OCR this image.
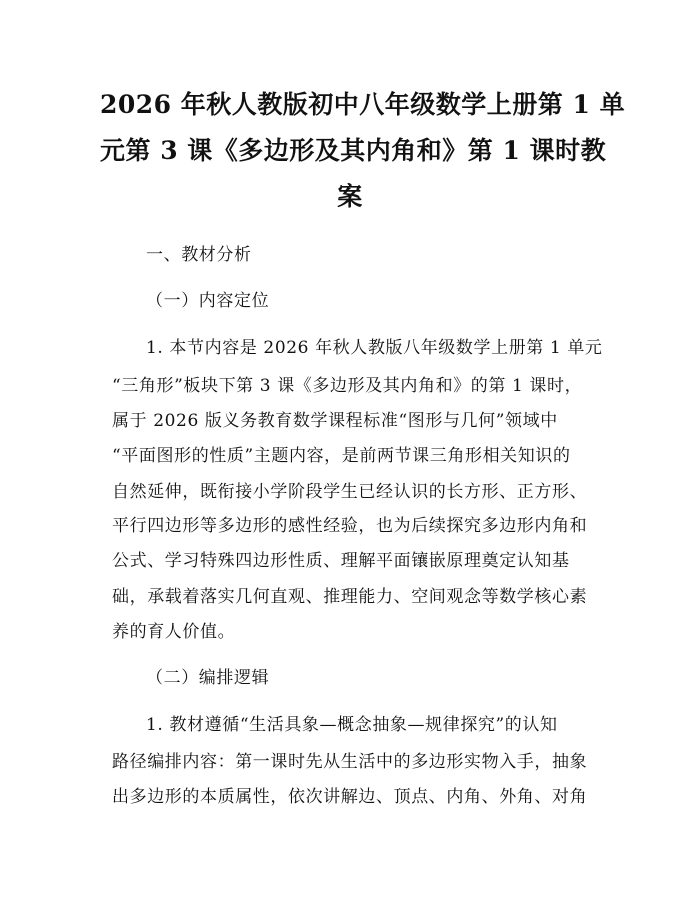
2026 年秋人教版初中八年级数学上册第 1 单
元第 3 课《多边形及其内角和》第 1 课时教
案
一、教材分析
（一）内容定位
1. 本节内容是 2026 年秋人教版八年级数学上册第 1 单元
“三角形”板块下第 3 课《多边形及其内角和》的第 1 课时，
属于 2026 版义务教育数学课程标准“图形与几何”领域中
“平面图形的性质”主题内容，是前两节课三角形相关知识的
自然延伸，既衔接小学阶段学生已经认识的长方形、正方形、
平行四边形等多边形的感性经验，也为后续探究多边形内角和
公式、学习特殊四边形性质、理解平面镶嵌原理奠定认知基
础，承载着落实几何直观、推理能力、空间观念等数学核心素
养的育人价值。
（二）编排逻辑
1. 教材遵循“生活具象—概念抽象—规律探究”的认知
路径编排内容：第一课时先从生活中的多边形实物入手，抽象
出多边形的本质属性，依次讲解边、顶点、内角、外角、对角
